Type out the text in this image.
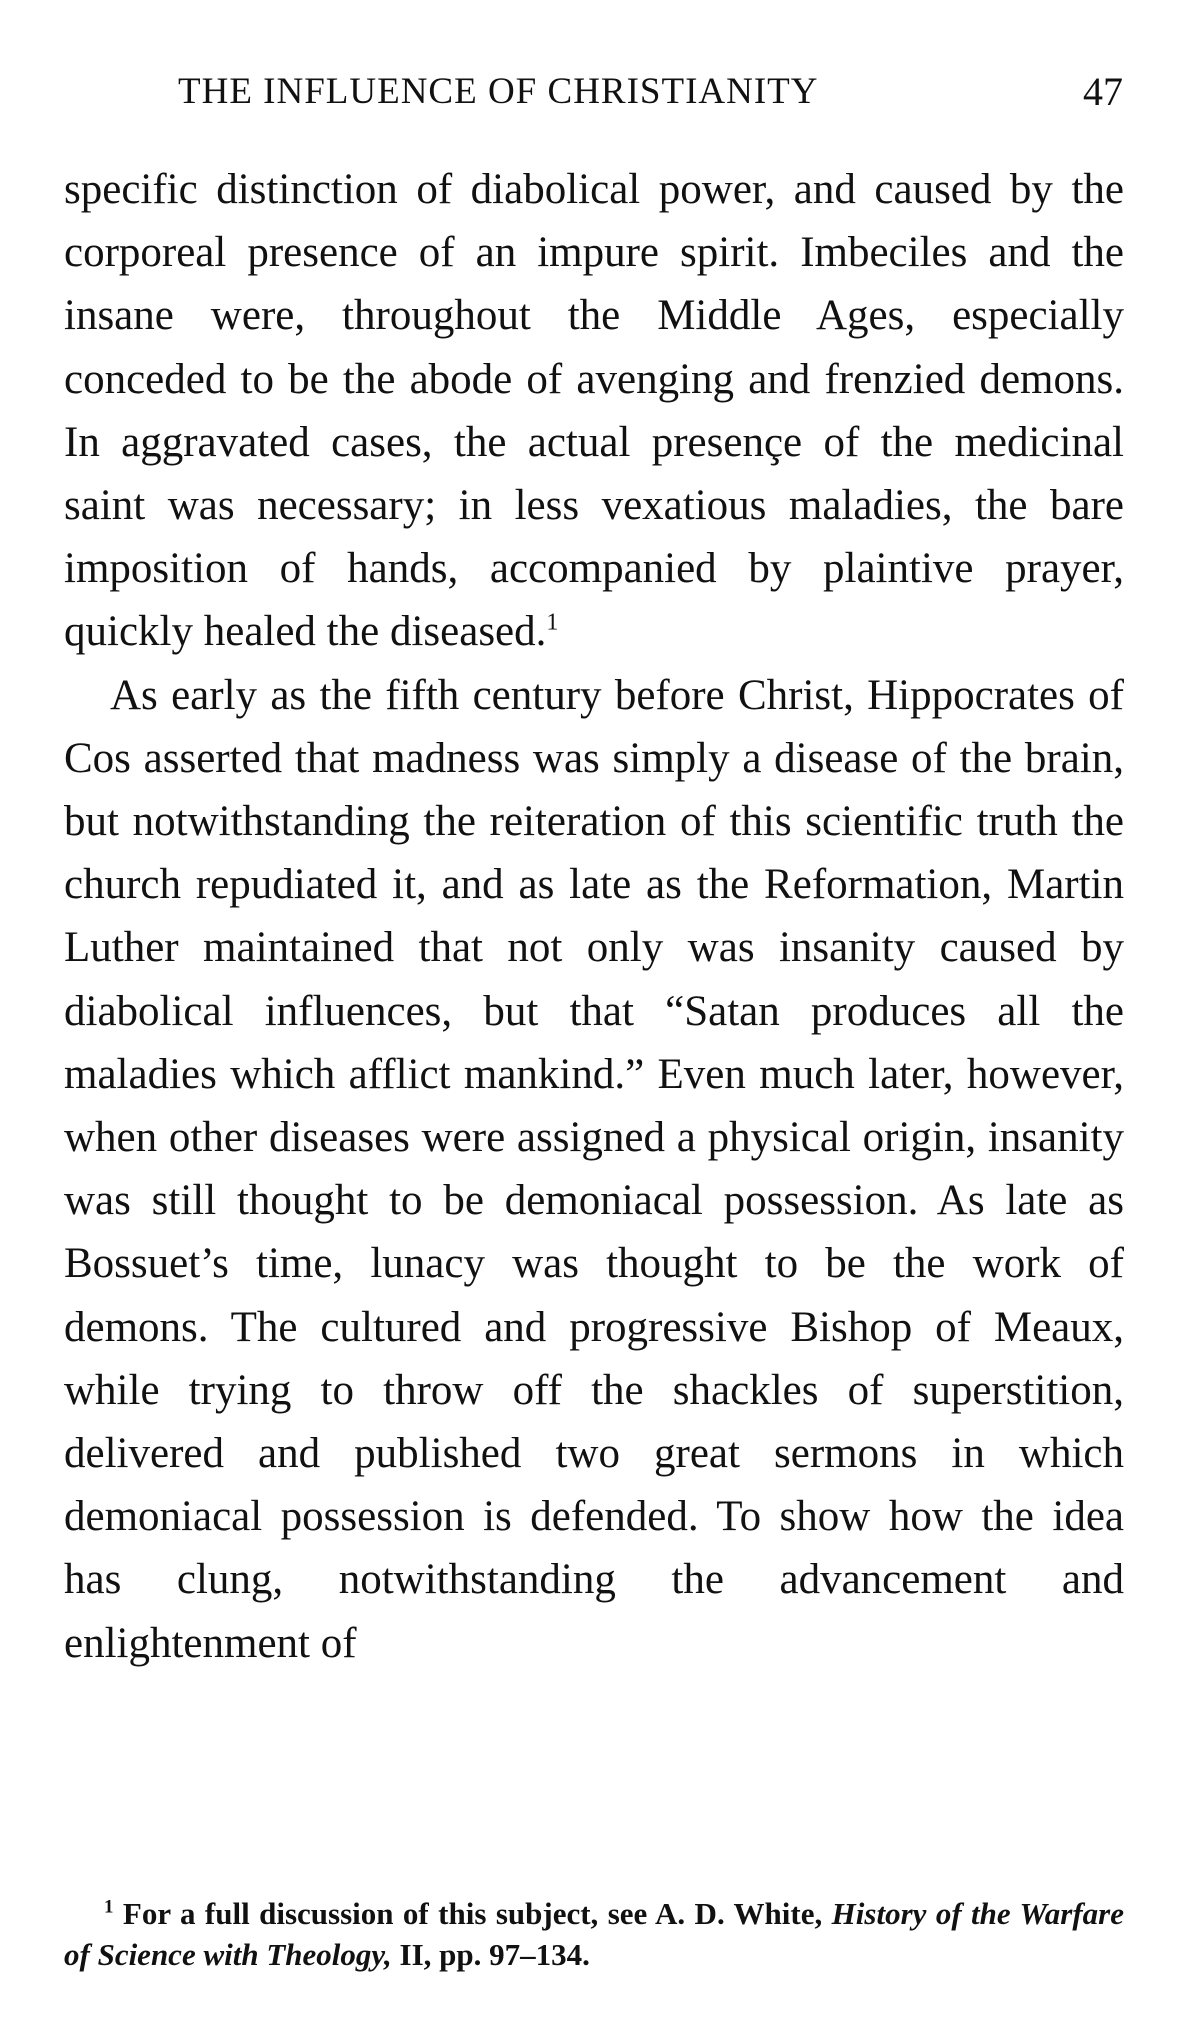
THE INFLUENCE OF CHRISTIANITY	47

specific distinction of diabolical power, and caused by the corporeal presence of an impure spirit. Imbeciles and the insane were, throughout the Middle Ages, especially conceded to be the abode of avenging and frenzied demons. In aggravated cases, the actual presençe of the medicinal saint was necessary; in less vexatious maladies, the bare imposition of hands, accompanied by plaintive prayer, quickly healed the diseased.$^1$

As early as the fifth century before Christ, Hippocrates of Cos asserted that madness was simply a disease of the brain, but notwithstanding the reiteration of this scientific truth the church repudiated it, and as late as the Reformation, Martin Luther maintained that not only was insanity caused by diabolical influences, but that “Satan produces all the maladies which afflict mankind.” Even much later, however, when other diseases were assigned a physical origin, insanity was still thought to be demoniacal possession. As late as Bossuet’s time, lunacy was thought to be the work of demons. The cultured and progressive Bishop of Meaux, while trying to throw off the shackles of superstition, delivered and published two great sermons in which demoniacal possession is defended. To show how the idea has clung, notwithstanding the advancement and enlightenment of

$^1$ For a full discussion of this subject, see A. D. White, History of the Warfare of Science with Theology, II, pp. 97–134.
